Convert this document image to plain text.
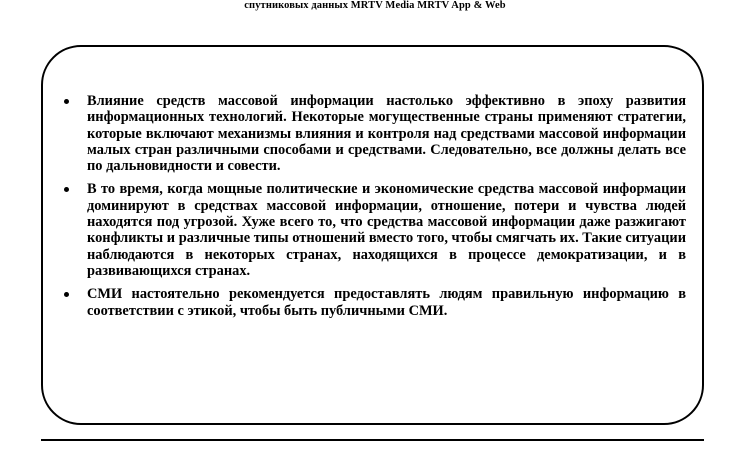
спутниковых данных MRTV Media MRTV App & Web
Влияние средств массовой информации настолько эффективно в эпоху развития информационных технологий. Некоторые могущественные страны применяют стратегии, которые включают механизмы влияния и контроля над средствами массовой информации малых стран различными способами и средствами. Следовательно, все должны делать все по дальновидности и совести.
В то время, когда мощные политические и экономические средства массовой информации доминируют в средствах массовой информации, отношение, потери и чувства людей находятся под угрозой. Хуже всего то, что средства массовой информации даже разжигают конфликты и различные типы отношений вместо того, чтобы смягчать их. Такие ситуации наблюдаются в некоторых странах, находящихся в процессе демократизации, и в развивающихся странах.
СМИ настоятельно рекомендуется предоставлять людям правильную информацию в соответствии с этикой, чтобы быть публичными СМИ.
